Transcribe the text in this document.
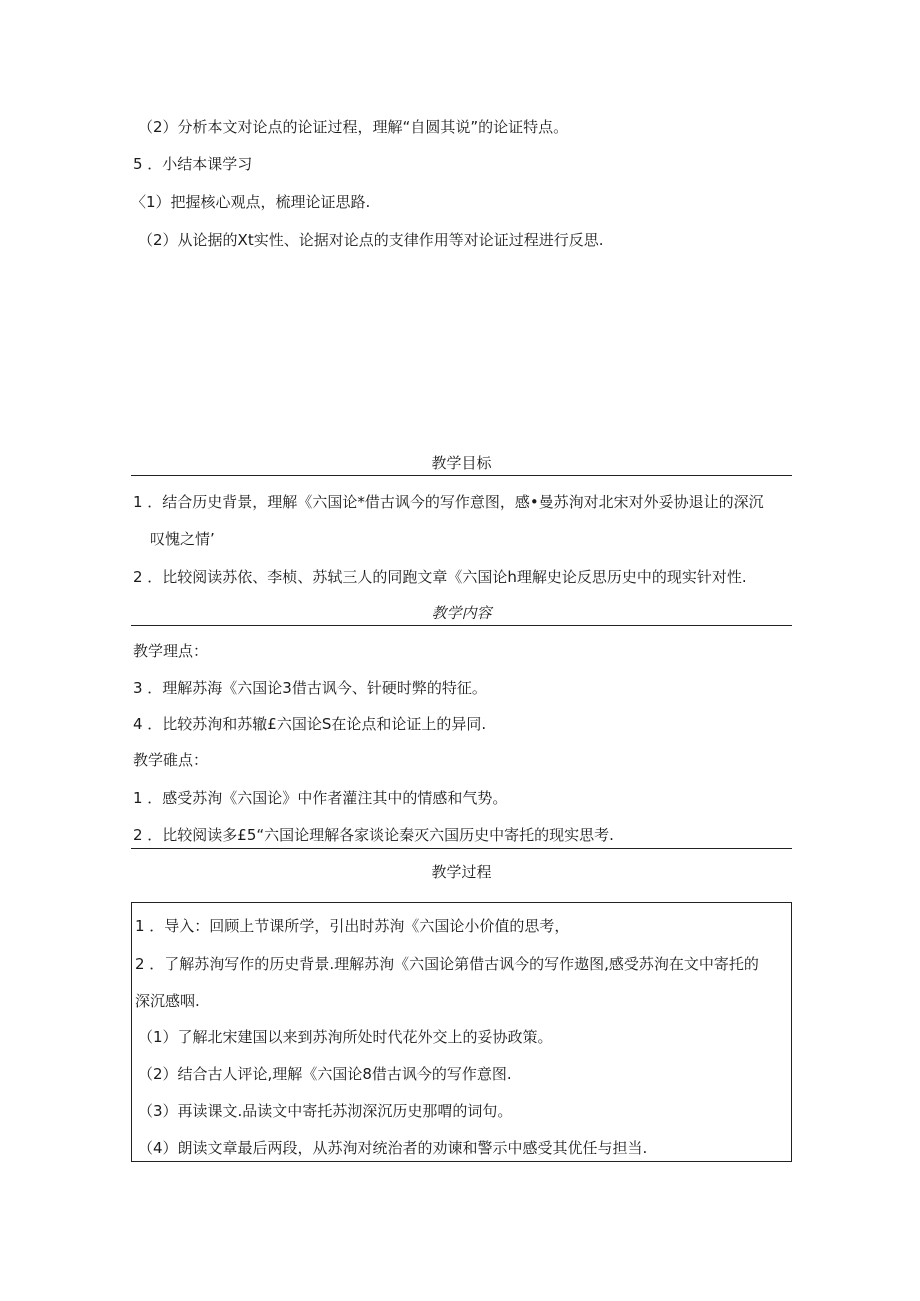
（2）分析本文对论点的论证过程，理解“自圆其说”的论证特点。
5 ．小结本课学习
〈1）把握核心观点，梳理论证思路.
（2）从论据的Xt实性、论据对论点的支律作用等对论证过程进行反思.
教学目标
1 ．结合历史背景，理解《六国论*借古讽今的写作意图，感•曼苏洵对北宋对外妥协退让的深沉
叹愧之情’
2 ．比较阅读苏依、李桢、苏轼三人的同跑文章《六国论h理解史论反思历史中的现实针对性.
教学内容
教学理点：
3 ．理解苏海《六国论3借古讽今、针硬时弊的特征。
4 ．比较苏洵和苏辙£六国论S在论点和论证上的异同.
教学碓点：
1 ．感受苏洵《六国论》中作者灌注其中的情感和气势。
2 ．比较阅读多£5“六国论理解各家谈论秦灭六国历史中寄托的现实思考.
教学过程
1 ．导入：回顾上节课所学，引出时苏洵《六国论小价值的思考，
2 ．了解苏洵写作的历史背景.理解苏洵《六国论第借古讽今的写作遨图,感受苏洵在文中寄托的
深沉感咽.
（1）了解北宋建国以来到苏洵所处时代花外交上的妥协政策。
（2）结合古人评论,理解《六国论8借古讽今的写作意图.
（3）再读课文.品读文中寄托苏沏深沉历史那喟的词句。
（4）朗读文章最后两段，从苏洵对统治者的劝谏和警示中感受其优任与担当.
